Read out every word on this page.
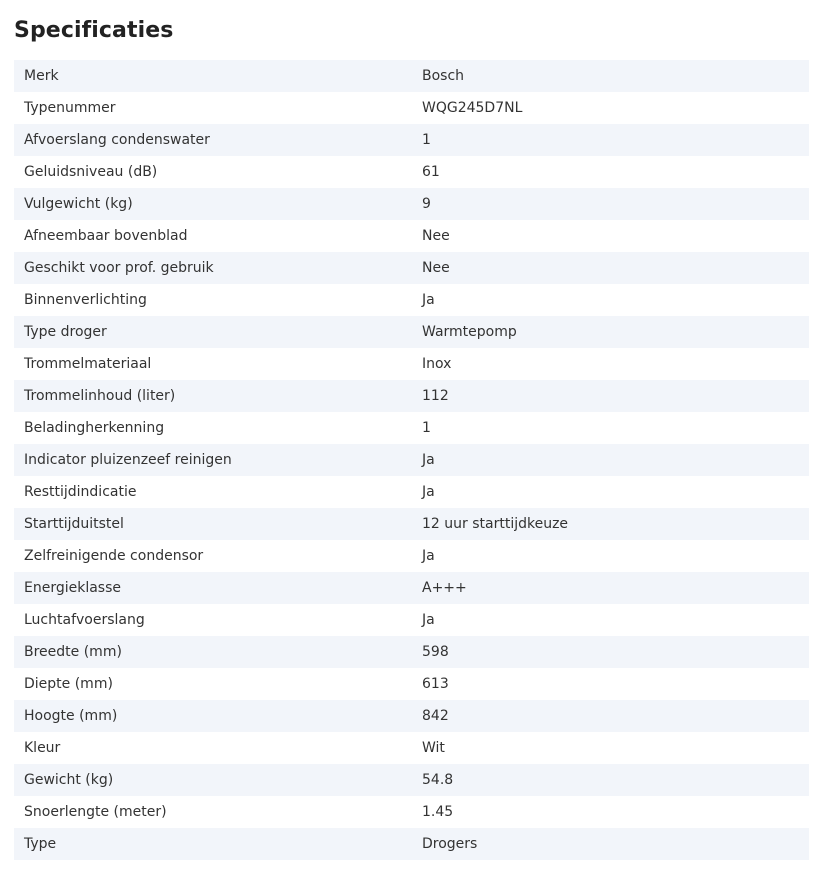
Specificaties
Merk	Bosch
Typenummer	WQG245D7NL
Afvoerslang condenswater	1
Geluidsniveau (dB)	61
Vulgewicht (kg)	9
Afneembaar bovenblad	Nee
Geschikt voor prof. gebruik	Nee
Binnenverlichting	Ja
Type droger	Warmtepomp
Trommelmateriaal	Inox
Trommelinhoud (liter)	112
Beladingherkenning	1
Indicator pluizenzeef reinigen	Ja
Resttijdindicatie	Ja
Starttijduitstel	12 uur starttijdkeuze
Zelfreinigende condensor	Ja
Energieklasse	A+++
Luchtafvoerslang	Ja
Breedte (mm)	598
Diepte (mm)	613
Hoogte (mm)	842
Kleur	Wit
Gewicht (kg)	54.8
Snoerlengte (meter)	1.45
Type	Drogers
